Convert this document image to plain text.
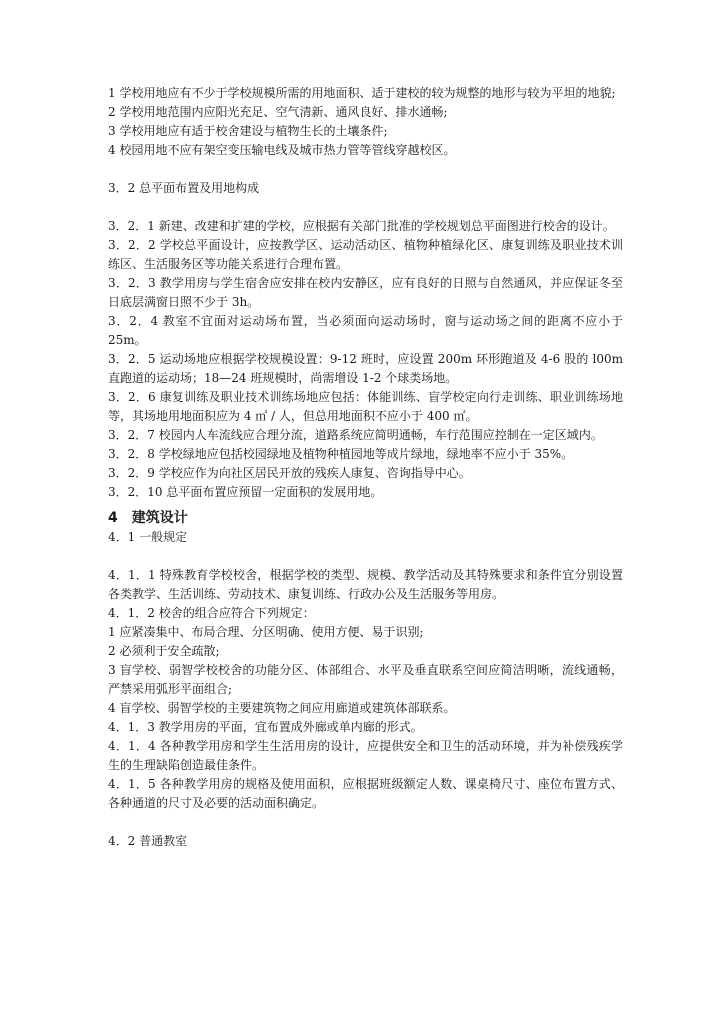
1 学校用地应有不少于学校规模所需的用地面积、适于建校的较为规整的地形与较为平坦的地貌;
2 学校用地范围内应阳光充足、空气清新、通风良好、排水通畅;
3 学校用地应有适于校舍建设与植物生长的土壤条件;
4 校园用地不应有架空变压输电线及城市热力管等管线穿越校区。
3．2 总平面布置及用地构成
3．2．1 新建、改建和扩建的学校，应根据有关部门批准的学校规划总平面图进行校舍的设计。
3．2．2 学校总平面设计，应按教学区、运动活动区、植物种植绿化区、康复训练及职业技术训练区、生活服务区等功能关系进行合理布置。
3．2．3 教学用房与学生宿舍应安排在校内安静区，应有良好的日照与自然通风，并应保证冬至日底层满窗日照不少于 3h。
3．2．4 教室不宜面对运动场布置，当必须面向运动场时，窗与运动场之间的距离不应小于 25m。
3．2．5 运动场地应根据学校规模设置：9-12 班时，应设置 200m 环形跑道及 4-6 股的 l00m 直跑道的运动场；18—24 班规模时，尚需增设 1-2 个球类场地。
3．2．6 康复训练及职业技术训练场地应包括：体能训练、盲学校定向行走训练、职业训练场地等，其场地用地面积应为 4 ㎡ / 人，但总用地面积不应小于 400 ㎡。
3．2．7 校园内人车流线应合理分流，道路系统应简明通畅，车行范围应控制在一定区域内。
3．2．8 学校绿地应包括校园绿地及植物种植园地等成片绿地，绿地率不应小于 35%。
3．2．9 学校应作为向社区居民开放的残疾人康复、咨询指导中心。
3．2．10 总平面布置应预留一定面积的发展用地。
4 建筑设计
4．1 一般规定
4．1．1 特殊教育学校校舍，根据学校的类型、规模、教学活动及其特殊要求和条件宜分别设置各类教学、生活训练、劳动技术、康复训练、行政办公及生活服务等用房。
4．1．2 校舍的组合应符合下列规定：
1 应紧凑集中、布局合理、分区明确、使用方便、易于识别;
2 必须利于安全疏散;
3 盲学校、弱智学校校舍的功能分区、体部组合、水平及垂直联系空间应简洁明晰，流线通畅，严禁采用弧形平面组合;
4 盲学校、弱智学校的主要建筑物之间应用廊道或建筑体部联系。
4．1．3 教学用房的平面，宜布置成外廊或单内廊的形式。
4．1．4 各种教学用房和学生生活用房的设计，应提供安全和卫生的活动环境，并为补偿残疾学生的生理缺陷创造最佳条件。
4．1．5 各种教学用房的规格及使用面积，应根据班级额定人数、课桌椅尺寸、座位布置方式、各种通道的尺寸及必要的活动面积确定。
4．2 普通教室
